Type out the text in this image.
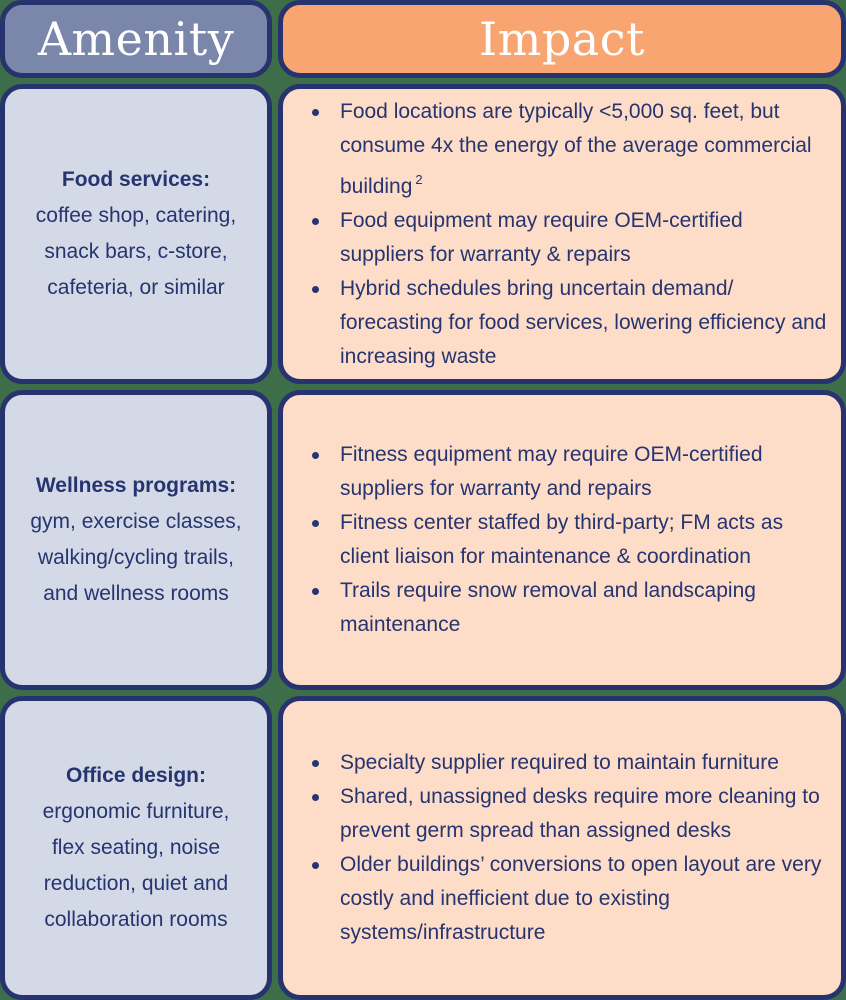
Amenity	Impact
Food services:
coffee shop, catering,
snack bars, c-store,
cafeteria, or similar
Food locations are typically <5,000 sq. feet, but consume 4x the energy of the average commercial building $^2$
Food equipment may require OEM-certified suppliers for warranty & repairs
Hybrid schedules bring uncertain demand/ forecasting for food services, lowering efficiency and increasing waste
Wellness programs:
gym, exercise classes,
walking/cycling trails,
and wellness rooms
Fitness equipment may require OEM-certified suppliers for warranty and repairs
Fitness center staffed by third-party; FM acts as client liaison for maintenance & coordination
Trails require snow removal and landscaping maintenance
Office design:
ergonomic furniture,
flex seating, noise
reduction, quiet and
collaboration rooms
Specialty supplier required to maintain furniture
Shared, unassigned desks require more cleaning to prevent germ spread than assigned desks
Older buildings’ conversions to open layout are very costly and inefficient due to existing systems/infrastructure
